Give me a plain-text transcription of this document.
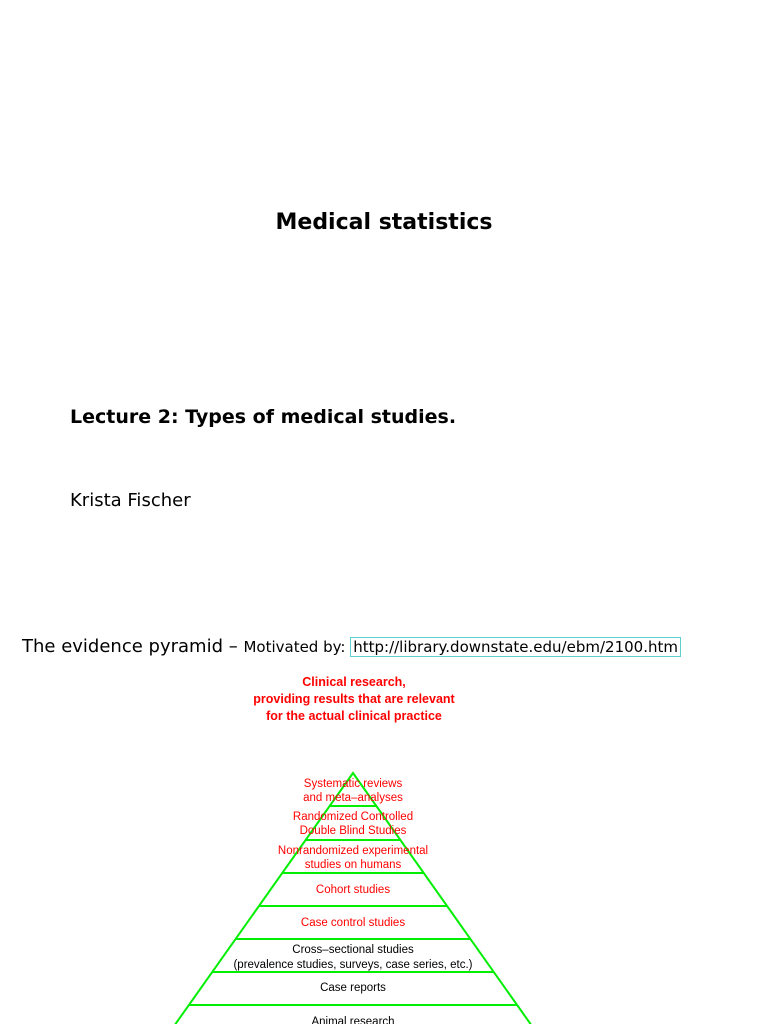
Medical statistics
Lecture 2: Types of medical studies.
Krista Fischer
The evidence pyramid – Motivated by: http://library.downstate.edu/ebm/2100.htm
Clinical research,
providing results that are relevant
for the actual clinical practice
Systematic reviews
and meta–analyses
Randomized Controlled
Double Blind Studies
Nonrandomized experimental
studies on humans
Cohort studies
Case control studies
Cross–sectional studies
(prevalence studies, surveys, case series, etc.)
Case reports
Animal research
